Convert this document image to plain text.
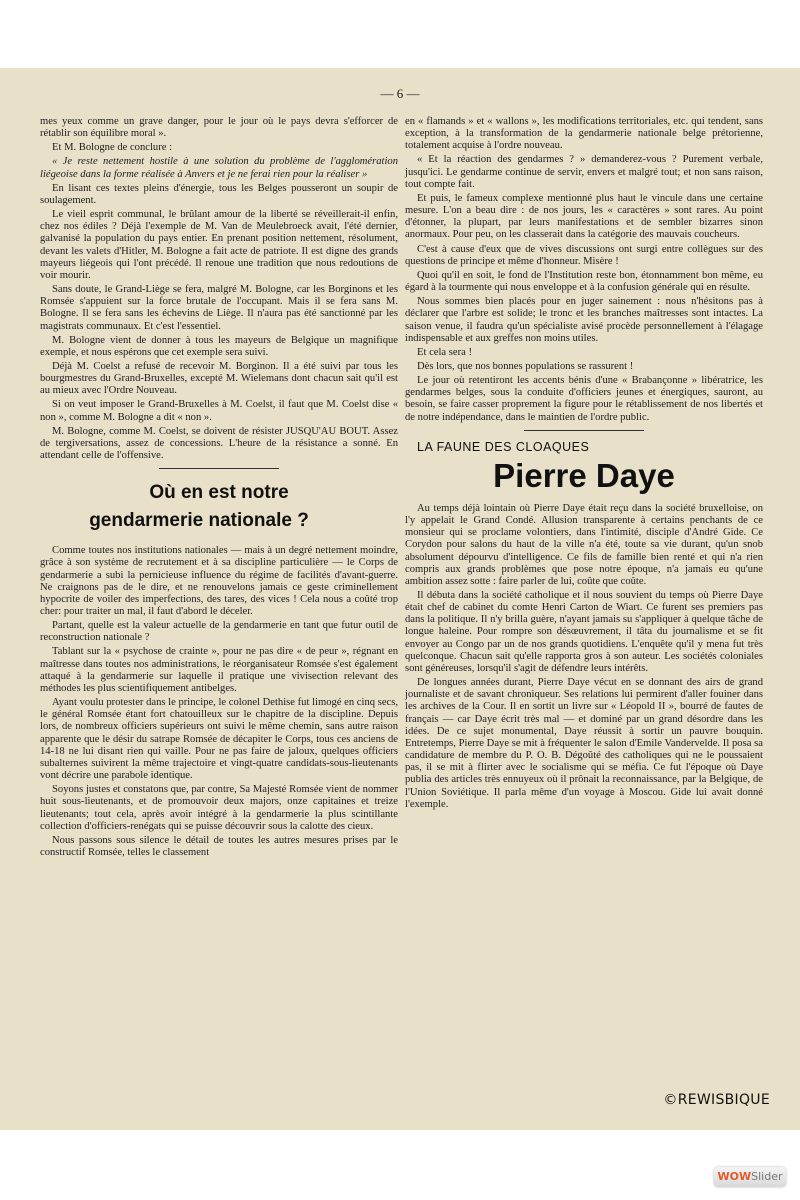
— 6 —

mes yeux comme un grave danger, pour le jour où le pays devra s'efforcer de rétablir son équilibre moral ».

Et M. Bologne de conclure :

« Je reste nettement hostile à une solution du problème de l'agglomération liégeoise dans la forme réalisée à Anvers et je ne ferai rien pour la réaliser »

En lisant ces textes pleins d'énergie, tous les Belges pousseront un soupir de soulagement.

Le vieil esprit communal, le brûlant amour de la liberté se réveillerait-il enfin, chez nos édiles ? Déjà l'exemple de M. Van de Meulebroeck avait, l'été dernier, galvanisé la population du pays entier. En prenant position nettement, résolument, devant les valets d'Hitler, M. Bologne a fait acte de patriote. Il est digne des grands mayeurs liégeois qui l'ont précédé. Il renoue une tradition que nous redoutions de voir mourir.

Sans doute, le Grand-Liège se fera, malgré M. Bologne, car les Borginons et les Romsée s'appuient sur la force brutale de l'occupant. Mais il se fera sans M. Bologne. Il se fera sans les échevins de Liège. Il n'aura pas été sanctionné par les magistrats communaux. Et c'est l'essentiel.

M. Bologne vient de donner à tous les mayeurs de Belgique un magnifique exemple, et nous espérons que cet exemple sera suivi.

Déjà M. Coelst a refusé de recevoir M. Borginon. Il a été suivi par tous les bourgmestres du Grand-Bruxelles, excepté M. Wielemans dont chacun sait qu'il est au mieux avec l'Ordre Nouveau.

Si on veut imposer le Grand-Bruxelles à M. Coelst, il faut que M. Coelst dise « non », comme M. Bologne a dit « non ».

M. Bologne, comme M. Coelst, se doivent de résister JUSQU'AU BOUT. Assez de tergiversations, assez de concessions. L'heure de la résistance a sonné. En attendant celle de l'offensive.

Où en est notre

gendarmerie nationale ?

Comme toutes nos institutions nationales — mais à un degré nettement moindre, grâce à son système de recrutement et à sa discipline particulière — le Corps de gendarmerie a subi la pernicieuse influence du régime de facilités d'avant-guerre. Ne craignons pas de le dire, et ne renouvelons jamais ce geste criminellement hypocrite de voiler des imperfections, des tares, des vices ! Cela nous a coûté trop cher: pour traiter un mal, il faut d'abord le déceler.

Partant, quelle est la valeur actuelle de la gendarmerie en tant que futur outil de reconstruction nationale ?

Tablant sur la « psychose de crainte », pour ne pas dire « de peur », régnant en maîtresse dans toutes nos administrations, le réorganisateur Romsée s'est également attaqué à la gendarmerie sur laquelle il pratique une vivisection relevant des méthodes les plus scientifiquement antibelges.

Ayant voulu protester dans le principe, le colonel Dethise fut limogé en cinq secs, le général Romsée étant fort chatouilleux sur le chapitre de la discipline. Depuis lors, de nombreux officiers supérieurs ont suivi le même chemin, sans autre raison apparente que le désir du satrape Romsée de décapiter le Corps, tous ces anciens de 14-18 ne lui disant rien qui vaille. Pour ne pas faire de jaloux, quelques officiers subalternes suivirent la même trajectoire et vingt-quatre candidats-sous-lieutenants vont décrire une parabole identique.

Soyons justes et constatons que, par contre, Sa Majesté Romsée vient de nommer huit sous-lieutenants, et de promouvoir deux majors, onze capitaines et treize lieutenants; tout cela, après avoir intégré à la gendarmerie la plus scintillante collection d'officiers-renégats qui se puisse découvrir sous la calotte des cieux.

Nous passons sous silence le détail de toutes les autres mesures prises par le constructif Romsée, telles le classement

en « flamands » et « wallons », les modifications territoriales, etc. qui tendent, sans exception, à la transformation de la gendarmerie nationale belge prétorienne, totalement acquise à l'ordre nouveau.

« Et la réaction des gendarmes ? » demanderez-vous ? Purement verbale, jusqu'ici. Le gendarme continue de servir, envers et malgré tout; et non sans raison, tout compte fait.

Et puis, le fameux complexe mentionné plus haut le vincule dans une certaine mesure. L'on a beau dire : de nos jours, les « caractères » sont rares. Au point d'étonner, la plupart, par leurs manifestations et de sembler bizarres sinon anormaux. Pour peu, on les classerait dans la catégorie des mauvais coucheurs.

C'est à cause d'eux que de vives discussions ont surgi entre collègues sur des questions de principe et même d'honneur. Misère !

Quoi qu'il en soit, le fond de l'Institution reste bon, étonnamment bon même, eu égard à la tourmente qui nous enveloppe et à la confusion générale qui en résulte.

Nous sommes bien placés pour en juger sainement : nous n'hésitons pas à déclarer que l'arbre est solide; le tronc et les branches maîtresses sont intactes. La saison venue, il faudra qu'un spécialiste avisé procède personnellement à l'élagage indispensable et aux greffes non moins utiles.

Et cela sera !

Dès lors, que nos bonnes populations se rassurent !

Le jour où retentiront les accents bénis d'une « Brabançonne » libératrice, les gendarmes belges, sous la conduite d'officiers jeunes et énergiques, sauront, au besoin, se faire casser proprement la figure pour le rétablissement de nos libertés et de notre indépendance, dans le maintien de l'ordre public.

LA FAUNE DES CLOAQUES

Pierre Daye

Au temps déjà lointain où Pierre Daye était reçu dans la société bruxelloise, on l'y appelait le Grand Condé. Allusion transparente à certains penchants de ce monsieur qui se proclame volontiers, dans l'intimité, disciple d'André Gide. Ce Corydon pour salons du haut de la ville n'a été, toute sa vie durant, qu'un snob absolument dépourvu d'intelligence. Ce fils de famille bien renté et qui n'a rien compris aux grands problèmes que pose notre époque, n'a jamais eu qu'une ambition assez sotte : faire parler de lui, coûte que coûte.

Il débuta dans la société catholique et il nous souvient du temps où Pierre Daye était chef de cabinet du comte Henri Carton de Wiart. Ce furent ses premiers pas dans la politique. Il n'y brilla guère, n'ayant jamais su s'appliquer à quelque tâche de longue haleine. Pour rompre son désœuvrement, il tâta du journalisme et se fit envoyer au Congo par un de nos grands quotidiens. L'enquête qu'il y mena fut très quelconque. Chacun sait qu'elle rapporta gros à son auteur. Les sociétés coloniales sont généreuses, lorsqu'il s'agit de défendre leurs intérêts.

De longues années durant, Pierre Daye vécut en se donnant des airs de grand journaliste et de savant chroniqueur. Ses relations lui permirent d'aller fouiner dans les archives de la Cour. Il en sortit un livre sur « Léopold II », bourré de fautes de français — car Daye écrit très mal — et dominé par un grand désordre dans les idées. De ce sujet monumental, Daye réussit à sortir un pauvre bouquin. Entretemps, Pierre Daye se mit à fréquenter le salon d'Emile Vandervelde. Il posa sa candidature de membre du P. O. B. Dégoûté des catholiques qui ne le poussaient pas, il se mit à flirter avec le socialisme qui se méfia. Ce fut l'époque où Daye publia des articles très ennuyeux où il prônait la reconnaissance, par la Belgique, de l'Union Soviétique. Il parla même d'un voyage à Moscou. Gide lui avait donné l'exemple.

©REWISBIQUE
WOWSlider
